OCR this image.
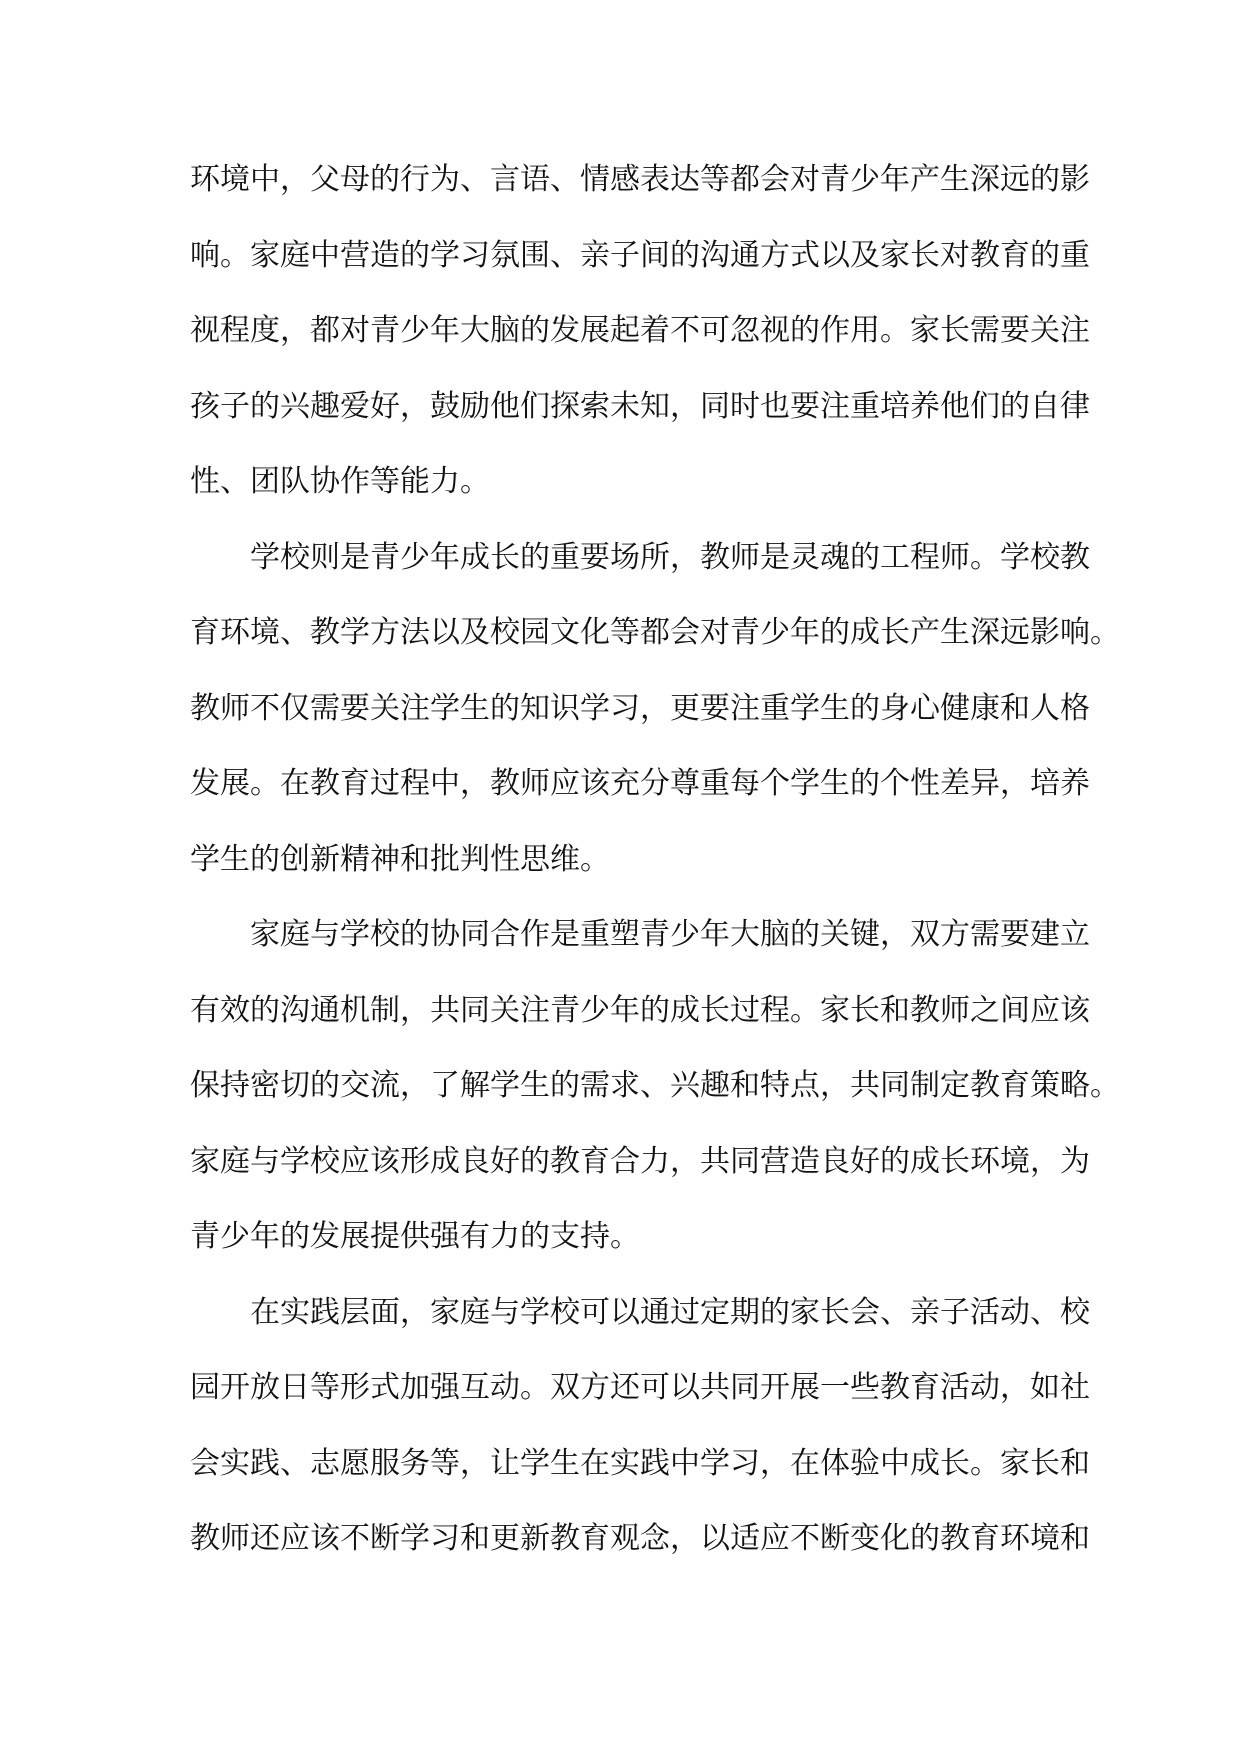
环境中，父母的行为、言语、情感表达等都会对青少年产生深远的影
响。家庭中营造的学习氛围、亲子间的沟通方式以及家长对教育的重
视程度，都对青少年大脑的发展起着不可忽视的作用。家长需要关注
孩子的兴趣爱好，鼓励他们探索未知，同时也要注重培养他们的自律
性、团队协作等能力。

学校则是青少年成长的重要场所，教师是灵魂的工程师。学校教
育环境、教学方法以及校园文化等都会对青少年的成长产生深远影响。
教师不仅需要关注学生的知识学习，更要注重学生的身心健康和人格
发展。在教育过程中，教师应该充分尊重每个学生的个性差异，培养
学生的创新精神和批判性思维。

家庭与学校的协同合作是重塑青少年大脑的关键，双方需要建立
有效的沟通机制，共同关注青少年的成长过程。家长和教师之间应该
保持密切的交流，了解学生的需求、兴趣和特点，共同制定教育策略。
家庭与学校应该形成良好的教育合力，共同营造良好的成长环境，为
青少年的发展提供强有力的支持。

在实践层面，家庭与学校可以通过定期的家长会、亲子活动、校
园开放日等形式加强互动。双方还可以共同开展一些教育活动，如社
会实践、志愿服务等，让学生在实践中学习，在体验中成长。家长和
教师还应该不断学习和更新教育观念，以适应不断变化的教育环境和
